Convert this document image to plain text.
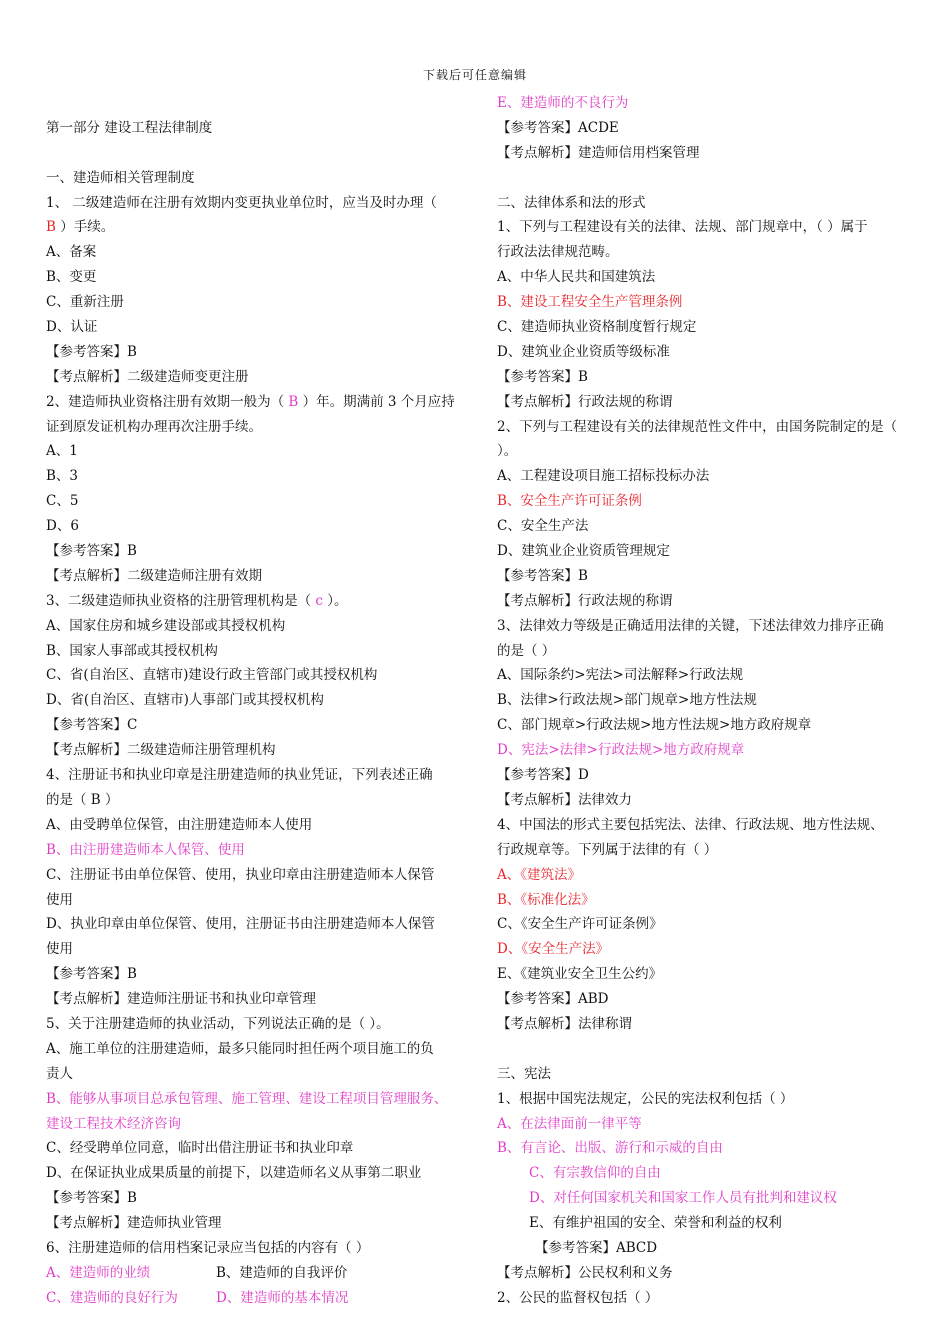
下载后可任意编辑
第一部分 建设工程法律制度
一、建造师相关管理制度
1、 二级建造师在注册有效期内变更执业单位时，应当及时办理（
B ）手续。
A、备案
B、变更
C、重新注册
D、认证
【参考答案】B
【考点解析】二级建造师变更注册
2、建造师执业资格注册有效期一般为（ B ）年。期满前 3 个月应持
证到原发证机构办理再次注册手续。
A、1
B、3
C、5
D、6
【参考答案】B
【考点解析】二级建造师注册有效期
3、二级建造师执业资格的注册管理机构是（ c ）。
A、国家住房和城乡建设部或其授权机构
B、国家人事部或其授权机构
C、省(自治区、直辖市)建设行政主管部门或其授权机构
D、省(自治区、直辖市)人事部门或其授权机构
【参考答案】C
【考点解析】二级建造师注册管理机构
4、注册证书和执业印章是注册建造师的执业凭证，下列表述正确
的是（ B ）
A、由受聘单位保管，由注册建造师本人使用
B、由注册建造师本人保管、使用
C、注册证书由单位保管、使用，执业印章由注册建造师本人保管
使用
D、执业印章由单位保管、使用，注册证书由注册建造师本人保管
使用
【参考答案】B
【考点解析】建造师注册证书和执业印章管理
5、关于注册建造师的执业活动，下列说法正确的是（ ）。
A、施工单位的注册建造师，最多只能同时担任两个项目施工的负
责人
B、能够从事项目总承包管理、施工管理、建设工程项目管理服务、
建设工程技术经济咨询
C、经受聘单位同意，临时出借注册证书和执业印章
D、在保证执业成果质量的前提下，以建造师名义从事第二职业
【参考答案】B
【考点解析】建造师执业管理
6、注册建造师的信用档案记录应当包括的内容有（ ）
A、建造师的业绩	B、建造师的自我评价
C、建造师的良好行为	D、建造师的基本情况
E、建造师的不良行为
【参考答案】ACDE
【考点解析】建造师信用档案管理
二、法律体系和法的形式
1、下列与工程建设有关的法律、法规、部门规章中，（ ）属于
行政法法律规范畴。
A、中华人民共和国建筑法
B、建设工程安全生产管理条例
C、建造师执业资格制度暂行规定
D、建筑业企业资质等级标准
【参考答案】B
【考点解析】行政法规的称谓
2、下列与工程建设有关的法律规范性文件中，由国务院制定的是（
）。
A、工程建设项目施工招标投标办法
B、安全生产许可证条例
C、安全生产法
D、建筑业企业资质管理规定
【参考答案】B
【考点解析】行政法规的称谓
3、法律效力等级是正确适用法律的关键，下述法律效力排序正确
的是（ ）
A、国际条约>宪法>司法解释>行政法规
B、法律>行政法规>部门规章>地方性法规
C、部门规章>行政法规>地方性法规>地方政府规章
D、宪法>法律>行政法规>地方政府规章
【参考答案】D
【考点解析】法律效力
4、中国法的形式主要包括宪法、法律、行政法规、地方性法规、
行政规章等。下列属于法律的有（ ）
A、《建筑法》
B、《标准化法》
C、《安全生产许可证条例》
D、《安全生产法》
E、《建筑业安全卫生公约》
【参考答案】ABD
【考点解析】法律称谓
三、宪法
1、根据中国宪法规定，公民的宪法权利包括（ ）
A、在法律面前一律平等
B、有言论、出版、游行和示威的自由
C、有宗教信仰的自由
D、对任何国家机关和国家工作人员有批判和建议权
E、有维护祖国的安全、荣誉和利益的权利
【参考答案】ABCD
【考点解析】公民权利和义务
2、公民的监督权包括（ ）
